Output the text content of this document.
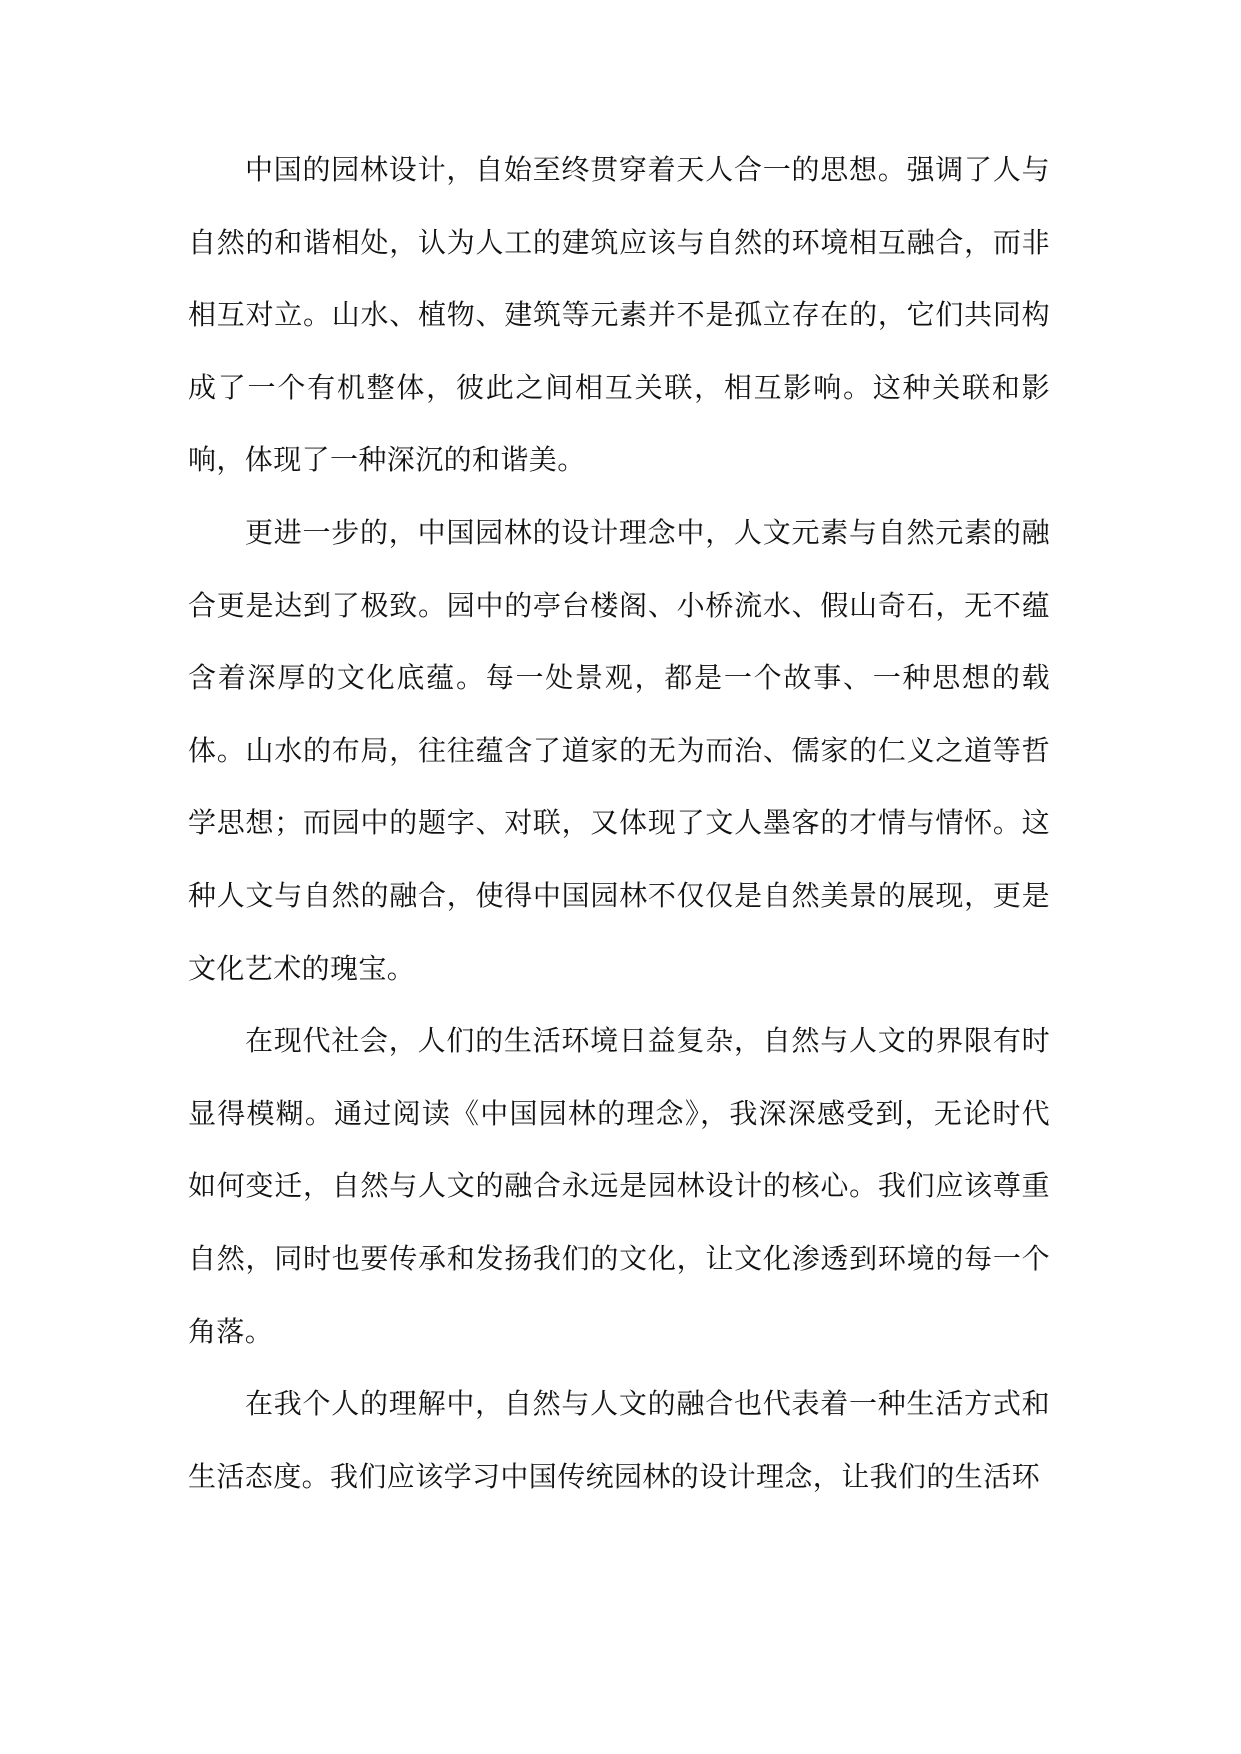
中国的园林设计，自始至终贯穿着天人合一的思想。强调了人与自然的和谐相处，认为人工的建筑应该与自然的环境相互融合，而非相互对立。山水、植物、建筑等元素并不是孤立存在的，它们共同构成了一个有机整体，彼此之间相互关联，相互影响。这种关联和影响，体现了一种深沉的和谐美。

更进一步的，中国园林的设计理念中，人文元素与自然元素的融合更是达到了极致。园中的亭台楼阁、小桥流水、假山奇石，无不蕴含着深厚的文化底蕴。每一处景观，都是一个故事、一种思想的载体。山水的布局，往往蕴含了道家的无为而治、儒家的仁义之道等哲学思想；而园中的题字、对联，又体现了文人墨客的才情与情怀。这种人文与自然的融合，使得中国园林不仅仅是自然美景的展现，更是文化艺术的瑰宝。

在现代社会，人们的生活环境日益复杂，自然与人文的界限有时显得模糊。通过阅读《中国园林的理念》，我深深感受到，无论时代如何变迁，自然与人文的融合永远是园林设计的核心。我们应该尊重自然，同时也要传承和发扬我们的文化，让文化渗透到环境的每一个角落。

在我个人的理解中，自然与人文的融合也代表着一种生活方式和生活态度。我们应该学习中国传统园林的设计理念，让我们的生活环
